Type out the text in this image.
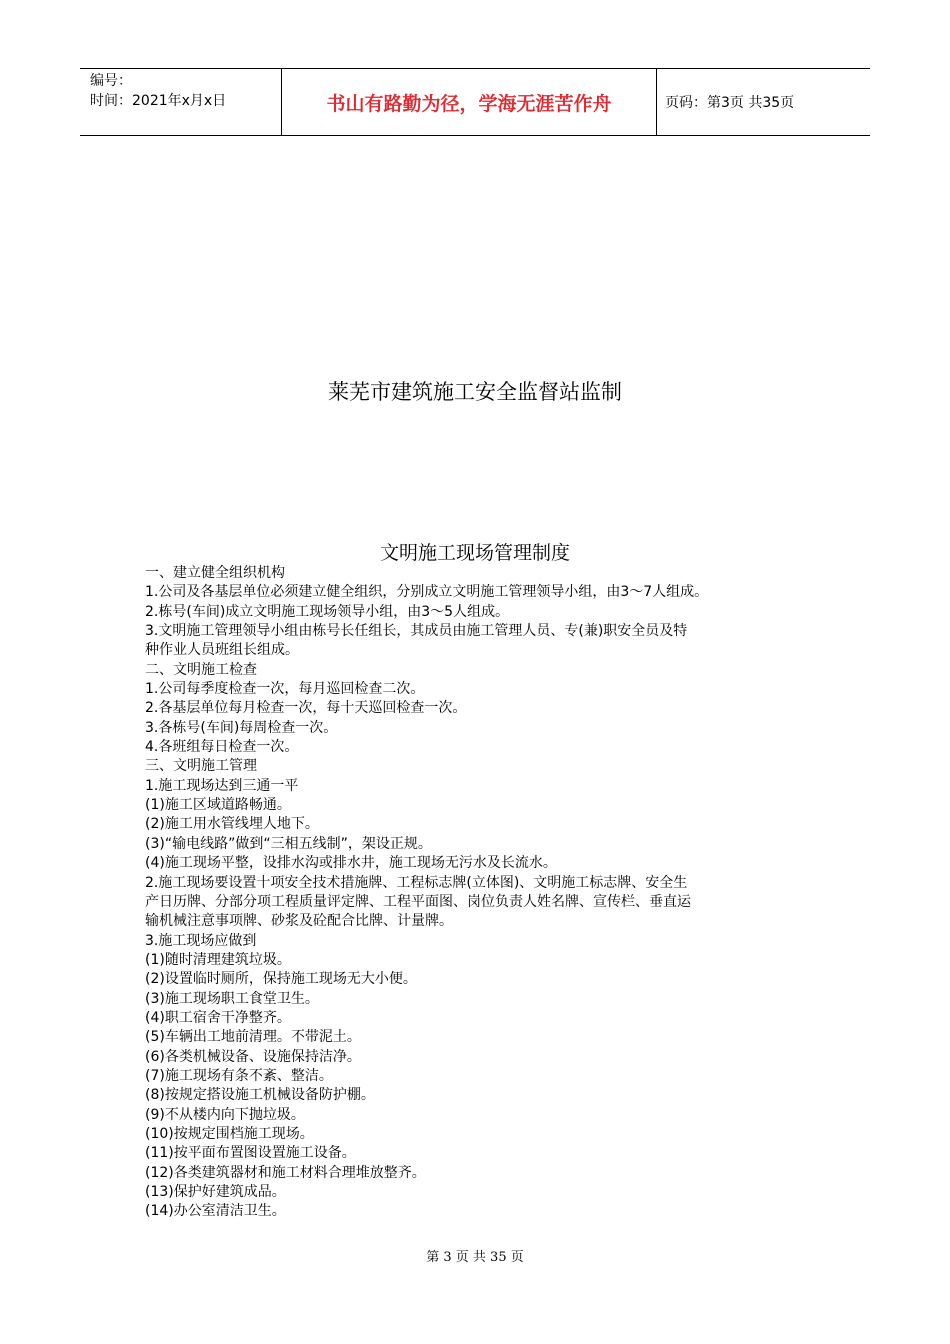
编号：
时间：2021年x月x日	书山有路勤为径，学海无涯苦作舟	页码：第3页 共35页
莱芜市建筑施工安全监督站监制
文明施工现场管理制度
一、建立健全组织机构
1.公司及各基层单位必须建立健全组织，分别成立文明施工管理领导小组，由3～7人组成。
2.栋号(车间)成立文明施工现场领导小组，由3～5人组成。
3.文明施工管理领导小组由栋号长任组长，其成员由施工管理人员、专(兼)职安全员及特
种作业人员班组长组成。
二、文明施工检查
1.公司每季度检查一次，每月巡回检查二次。
2.各基层单位每月检查一次，每十天巡回检查一次。
3.各栋号(车间)每周检查一次。
4.各班组每日检查一次。
三、文明施工管理
1.施工现场达到三通一平
(1)施工区域道路畅通。
(2)施工用水管线埋人地下。
(3)“输电线路”做到“三相五线制”，架设正规。
(4)施工现场平整，设排水沟或排水井，施工现场无污水及长流水。
2.施工现场要设置十项安全技术措施牌、工程标志牌(立体图)、文明施工标志牌、安全生
产日历牌、分部分项工程质量评定牌、工程平面图、岗位负责人姓名牌、宣传栏、垂直运
输机械注意事项牌、砂浆及砼配合比牌、计量牌。
3.施工现场应做到
(1)随时清理建筑垃圾。
(2)设置临时厕所，保持施工现场无大小便。
(3)施工现场职工食堂卫生。
(4)职工宿舍干净整齐。
(5)车辆出工地前清理。不带泥土。
(6)各类机械设备、设施保持洁净。
(7)施工现场有条不紊、整洁。
(8)按规定搭设施工机械设备防护棚。
(9)不从楼内向下抛垃圾。
(10)按规定围档施工现场。
(11)按平面布置图设置施工设备。
(12)各类建筑器材和施工材料合理堆放整齐。
(13)保护好建筑成品。
(14)办公室清洁卫生。
第 3 页 共 35 页
